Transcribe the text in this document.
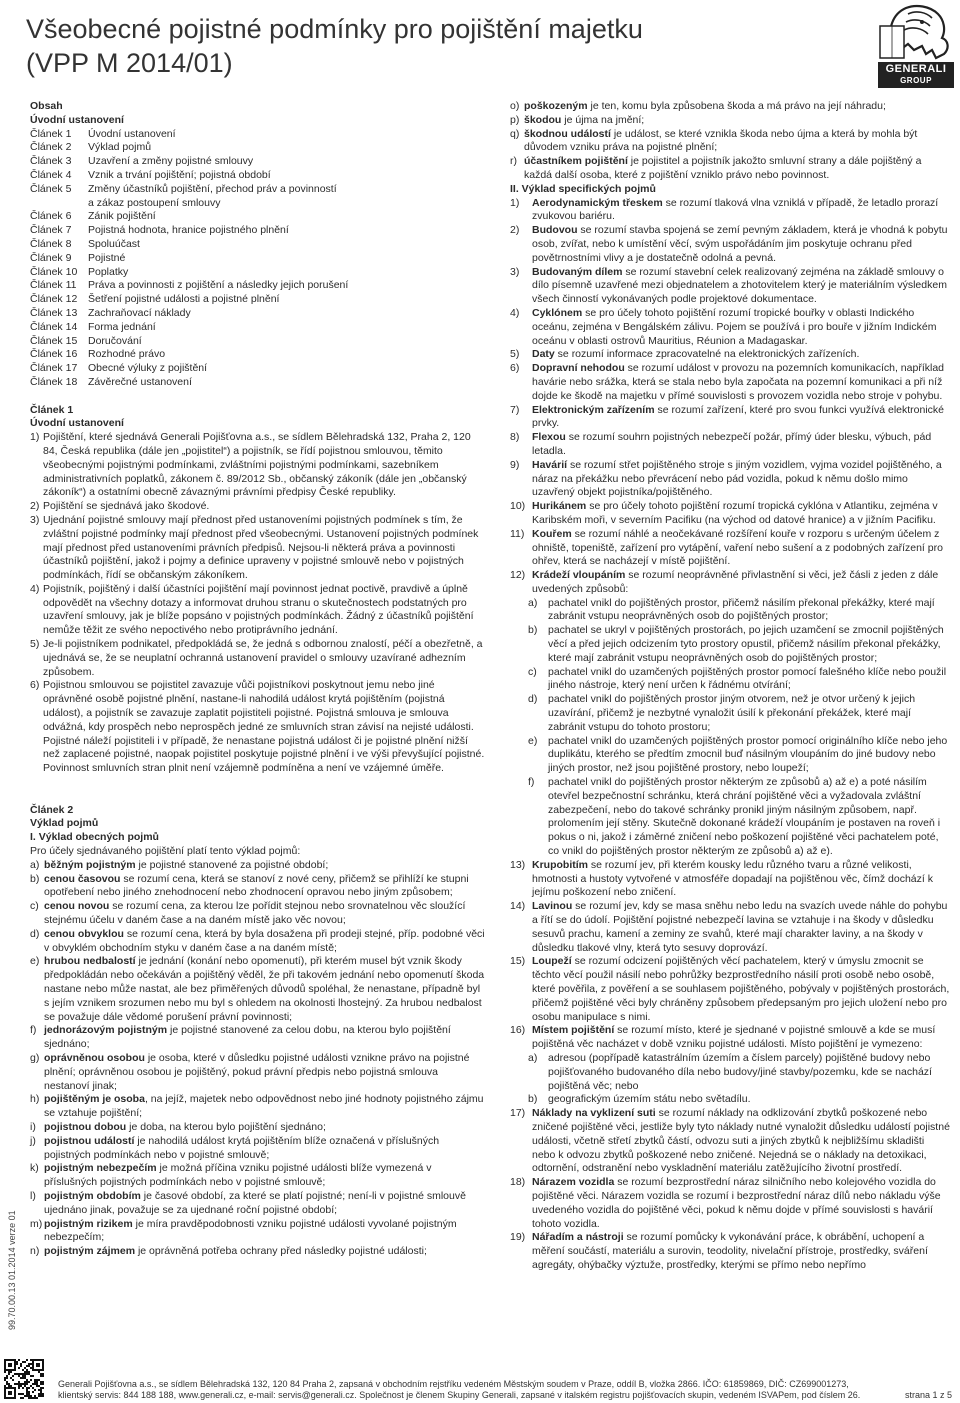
Všeobecné pojistné podmínky pro pojištění majetku
(VPP M 2014/01)	GENERALI
GROUP
Obsah
Úvodní ustanovení
Článek 1	Úvodní ustanovení
Článek 2	Výklad pojmů
Článek 3	Uzavření a změny pojistné smlouvy
Článek 4	Vznik a trvání pojištění; pojistná období
Článek 5	Změny účastníků pojištění, přechod práv a povinností
a zákaz postoupení smlouvy
Článek 6	Zánik pojištění
Článek 7	Pojistná hodnota, hranice pojistného plnění
Článek 8	Spoluúčast
Článek 9	Pojistné
Článek 10	Poplatky
Článek 11	Práva a povinnosti z pojištění a následky jejich porušení
Článek 12	Šetření pojistné události a pojistné plnění
Článek 13	Zachraňovací náklady
Článek 14	Forma jednání
Článek 15	Doručování
Článek 16	Rozhodné právo
Článek 17	Obecné výluky z pojištění
Článek 18	Závěrečné ustanovení
Článek 1
Úvodní ustanovení
1) Pojištění, které sjednává Generali Pojišťovna a.s., se sídlem Bělehradská 132, Praha 2, 120 84, Česká republika (dále jen „pojistitel“) a pojistník, se řídí pojistnou smlouvou, těmito všeobecnými pojistnými podmínkami, zvláštními pojistnými podmínkami, sazebníkem administrativních poplatků, zákonem č. 89/2012 Sb., občanský zákoník (dále jen „občanský zákoník“) a ostatními obecně závaznými právními předpisy České republiky.
2) Pojištění se sjednává jako škodové.
3) Ujednání pojistné smlouvy mají přednost před ustanoveními pojistných podmínek s tím, že zvláštní pojistné podmínky mají přednost před všeobecnými. Ustanovení pojistných podmínek mají přednost před ustanoveními právních předpisů. Nejsou-li některá práva a povinnosti účastníků pojištění, jakož i pojmy a definice upraveny v pojistné smlouvě nebo v pojistných podmínkách, řídí se občanským zákoníkem.
4) Pojistník, pojištěný i další účastníci pojištění mají povinnost jednat poctivě, pravdivě a úplně odpovědět na všechny dotazy a informovat druhou stranu o skutečnostech podstatných pro uzavření smlouvy, jak je blíže popsáno v pojistných podmínkách. Žádný z účastníků pojištění nemůže těžit ze svého nepoctivého nebo protiprávního jednání.
5) Je-li pojistníkem podnikatel, předpokládá se, že jedná s odbornou znalostí, péčí a obezřetně, a ujednává se, že se neuplatní ochranná ustanovení pravidel o smlouvy uzavírané adhezním způsobem.
6) Pojistnou smlouvou se pojistitel zavazuje vůči pojistníkovi poskytnout jemu nebo jiné oprávněné osobě pojistné plnění, nastane-li nahodilá událost krytá pojištěním (pojistná událost), a pojistník se zavazuje zaplatit pojistiteli pojistné. Pojistná smlouva je smlouva odvážná, kdy prospěch nebo neprospěch jedné ze smluvních stran závisí na nejisté události. Pojistné náleží pojistiteli i v případě, že nenastane pojistná událost či je pojistné plnění nižší než zaplacené pojistné, naopak pojistitel poskytuje pojistné plnění i ve výši převyšující pojistné. Povinnost smluvních stran plnit není vzájemně podmíněna a není ve vzájemné úměře.
Článek 2
Výklad pojmů
I. Výklad obecných pojmů
Pro účely sjednávaného pojištění platí tento výklad pojmů:
a) běžným pojistným je pojistné stanovené za pojistné období;
b) cenou časovou se rozumí cena, která se stanoví z nové ceny, přičemž se přihlíží ke stupni opotřebení nebo jiného znehodnocení nebo zhodnocení opravou nebo jiným způsobem;
c) cenou novou se rozumí cena, za kterou lze pořídit stejnou nebo srovnatelnou věc sloužící stejnému účelu v daném čase a na daném místě jako věc novou;
d) cenou obvyklou se rozumí cena, která by byla dosažena při prodeji stejné, příp. podobné věci v obvyklém obchodním styku v daném čase a na daném místě;
e) hrubou nedbalostí je jednání (konání nebo opomenutí), při kterém musel být vznik škody předpokládán nebo očekáván a pojištěný věděl, že při takovém jednání nebo opomenutí škoda nastane nebo může nastat, ale bez přiměřených důvodů spoléhal, že nenastane, případně byl s jejím vznikem srozumen nebo mu byl s ohledem na okolnosti lhostejný. Za hrubou nedbalost se považuje dále vědomé porušení právní povinnosti;
f) jednorázovým pojistným je pojistné stanovené za celou dobu, na kterou bylo pojištění sjednáno;
g) oprávněnou osobou je osoba, které v důsledku pojistné události vznikne právo na pojistné plnění; oprávněnou osobou je pojištěný, pokud právní předpis nebo pojistná smlouva nestanoví jinak;
h) pojištěným je osoba, na jejíž, majetek nebo odpovědnost nebo jiné hodnoty pojistného zájmu se vztahuje pojištění;
i) pojistnou dobou je doba, na kterou bylo pojištění sjednáno;
j) pojistnou událostí je nahodilá událost krytá pojištěním blíže označená v příslušných pojistných podmínkách nebo v pojistné smlouvě;
k) pojistným nebezpečím je možná příčina vzniku pojistné události blíže vymezená v příslušných pojistných podmínkách nebo v pojistné smlouvě;
l) pojistným obdobím je časové období, za které se platí pojistné; není-li v pojistné smlouvě ujednáno jinak, považuje se za ujednané roční pojistné období;
m) pojistným rizikem je míra pravděpodobnosti vzniku pojistné události vyvolané pojistným nebezpečím;
n) pojistným zájmem je oprávněná potřeba ochrany před následky pojistné události;
o) poškozeným je ten, komu byla způsobena škoda a má právo na její náhradu;
p) škodou je újma na jmění;
q) škodnou událostí je událost, se které vznikla škoda nebo újma a která by mohla být důvodem vzniku práva na pojistné plnění;
r) účastníkem pojištění je pojistitel a pojistník jakožto smluvní strany a dále pojištěný a každá další osoba, které z pojištění vzniklo právo nebo povinnost.
II. Výklad specifických pojmů
1)	Aerodynamickým třeskem se rozumí tlaková vlna vzniklá v případě, že letadlo prorazí zvukovou bariéru.
2)	Budovou se rozumí stavba spojená se zemí pevným základem, která je vhodná k pobytu osob, zvířat, nebo k umístění věcí, svým uspořádáním jim poskytuje ochranu před povětrnostními vlivy a je dostatečně odolná a pevná.
3)	Budovaným dílem se rozumí stavební celek realizovaný zejména na základě smlouvy o dílo písemně uzavřené mezi objednatelem a zhotovitelem který je materiálním výsledkem všech činností vykonávaných podle projektové dokumentace.
4)	Cyklónem se pro účely tohoto pojištění rozumí tropické bouřky v oblasti Indického oceánu, zejména v Bengálském zálivu. Pojem se používá i pro bouře v jižním Indickém oceánu v oblasti ostrovů Mauritius, Réunion a Madagaskar.
5)	Daty se rozumí informace zpracovatelné na elektronických zařízeních.
6)	Dopravní nehodou se rozumí událost v provozu na pozemních komunikacích, například havárie nebo srážka, která se stala nebo byla započata na pozemní komunikaci a při níž dojde ke škodě na majetku v přímé souvislosti s provozem vozidla nebo stroje v pohybu.
7)	Elektronickým zařízením se rozumí zařízení, které pro svou funkci využívá elektronické prvky.
8)	Flexou se rozumí souhrn pojistných nebezpečí požár, přímý úder blesku, výbuch, pád letadla.
9)	Havárií se rozumí střet pojištěného stroje s jiným vozidlem, vyjma vozidel pojištěného, a náraz na překážku nebo převrácení nebo pád vozidla, pokud k němu došlo mimo uzavřený objekt pojistníka/pojištěného.
10) Hurikánem se pro účely tohoto pojištění rozumí tropická cyklóna v Atlantiku, zejména v Karibském moři, v severním Pacifiku (na východ od datové hranice) a v jižním Pacifiku.
11) Kouřem se rozumí náhlé a neočekávané rozšíření kouře v rozporu s určeným účelem z ohniště, topeniště, zařízení pro vytápění, vaření nebo sušení a z podobných zařízení pro ohřev, která se nacházejí v místě pojištění.
12) Krádeží vloupáním se rozumí neoprávněné přivlastnění si věci, jež čásli z jeden z dále uvedených způsobů:
a)	pachatel vnikl do pojištěných prostor, přičemž násilím překonal překážky, které mají zabránit vstupu neoprávněných osob do pojištěných prostor;
b)	pachatel se ukryl v pojištěných prostorách, po jejich uzamčení se zmocnil pojištěných věcí a před jejich odcizením tyto prostory opustil, přičemž násilím překonal překážky, které mají zabránit vstupu neoprávněných osob do pojištěných prostor;
c)	pachatel vnikl do uzamčených pojištěných prostor pomocí falešného klíče nebo použil jiného nástroje, který není určen k řádnému otvírání;
d)	pachatel vnikl do pojištěných prostor jiným otvorem, než je otvor určený k jejich uzavírání, přičemž je nezbytné vynaložit úsilí k překonání překážek, které mají zabránit vstupu do tohoto prostoru;
e)	pachatel vnikl do uzamčených pojištěných prostor pomocí originálního klíče nebo jeho duplikátu, kterého se předtím zmocnil buď násilným vloupáním do jiné budovy nebo jiných prostor, než jsou pojištěné prostory, nebo loupeží;
f)	pachatel vnikl do pojištěných prostor některým ze způsobů a) až e) a poté násilím otevřel bezpečnostní schránku, která chrání pojištěné věci a vyžadovala zvláštní zabezpečení, nebo do takové schránky pronikl jiným násilným způsobem, např. prolomením její stěny. Skutečně dokonané krádeží vloupáním je postaven na roveň i pokus o ni, jakož i záměrné zničení nebo poškození pojištěné věci pachatelem poté, co vnikl do pojištěných prostor některým ze způsobů a) až e).
13) Krupobitím se rozumí jev, při kterém kousky ledu různého tvaru a různé velikosti, hmotnosti a hustoty vytvořené v atmosféře dopadají na pojištěnou věc, čímž dochází k jejímu poškození nebo zničení.
14) Lavinou se rozumí jev, kdy se masa sněhu nebo ledu na svazích uvede náhle do pohybu a řítí se do údolí. Pojištění pojistné nebezpečí lavina se vztahuje i na škody v důsledku sesuvů prachu, kamení a zeminy ze svahů, které mají charakter laviny, a na škody v důsledku tlakové vlny, která tyto sesuvy doprovází.
15) Loupeží se rozumí odcizení pojištěných věcí pachatelem, který v úmyslu zmocnit se těchto věcí použil násilí nebo pohrůžky bezprostředního násilí proti osobě nebo osobě, které pověřila, z pověření a se souhlasem pojištěného, pobývaly v pojištěných prostorách, přičemž pojištěné věci byly chráněny způsobem předepsaným pro jejich uložení nebo pro osobu manipulace s nimi.
16) Místem pojištění se rozumí místo, které je sjednané v pojistné smlouvě a kde se musí pojištěná věc nacházet v době vzniku pojistné události. Místo pojištění je vymezeno:
a)	adresou (popřípadě katastrálním územím a číslem parcely) pojištěné budovy nebo pojišťovaného budovaného díla nebo budovy/jiné stavby/pozemku, kde se nachází pojištěná věc; nebo
b)	geografickým územím státu nebo světadílu.
17) Náklady na vyklizení suti se rozumí náklady na odklizování zbytků poškozené nebo zničené pojištěné věci, jestliže byly tyto náklady nutné vynaložit důsledku událostí pojistné události, včetně střetí zbytků částí, odvozu suti a jiných zbytků k nejbližšímu skladišti nebo k odvozu zbytků poškozené nebo zničené. Nejedná se o náklady na detoxikaci, odtornění, odstranění nebo vyskladnění materiálu zatěžujícího životní prostředí.
18) Nárazem vozidla se rozumí bezprostřední náraz silničního nebo kolejového vozidla do pojištěné věci. Nárazem vozidla se rozumí i bezprostřední náraz dílů nebo nákladu výše uvedeného vozidla do pojištěné věci, pokud k němu dojde v přímé souvislosti s havárií tohoto vozidla.
19) Nářadím a nástroji se rozumí pomůcky k vykonávání práce, k obrábění, uchopení a měření součástí, materiálu a surovin, teodolity, nivelační přístroje, prostředky, sváření agregáty, ohýbačky výztuže, prostředky, kterými se přímo nebo nepřímo
99.70.00.13 01.2014 verze 01
Generali Pojišťovna a.s., se sídlem Bělehradská 132, 120 84 Praha 2, zapsaná v obchodním rejstříku vedeném Městským soudem v Praze, oddíl B, vložka 2866. IČO: 61859869, DIČ: CZ699001273,
klientský servis: 844 188 188, www.generali.cz, e-mail: servis@generali.cz. Společnost je členem Skupiny Generali, zapsané v italském registru pojišťovacích skupin, vedeném ISVAPem, pod číslem 26.	strana 1 z 5
